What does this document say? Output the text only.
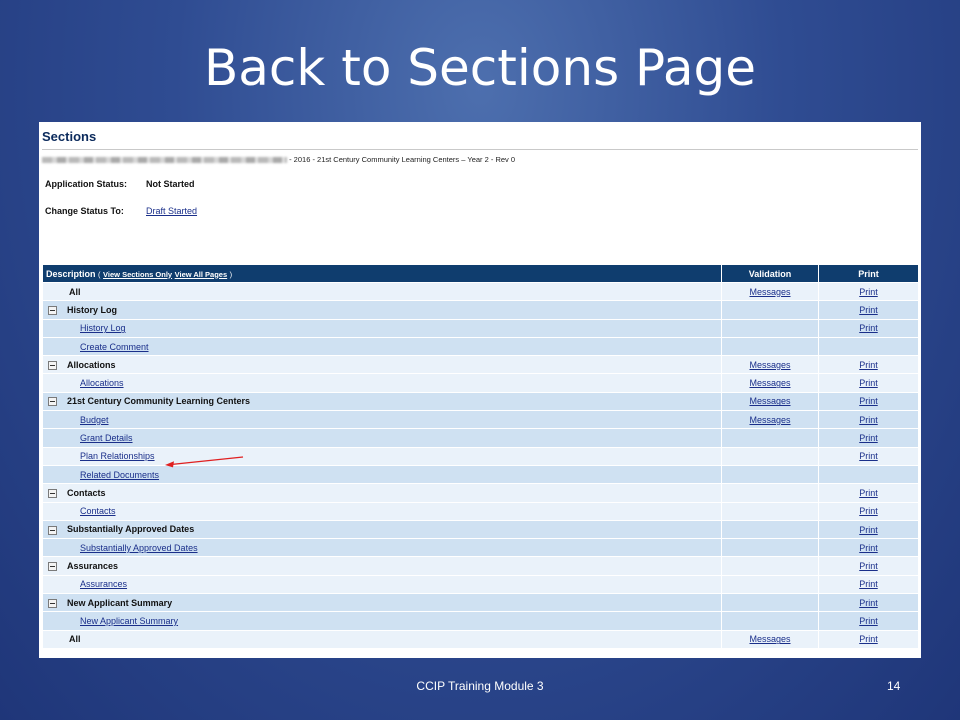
Back to Sections Page
Sections
- 2016 - 21st Century Community Learning Centers – Year 2 - Rev 0
Application Status: Not Started
Change Status To: Draft Started
Description ( View Sections Only View All Pages )	Validation	Print
All	Messages	Print
History Log		Print
History Log		Print
Create Comment		
Allocations	Messages	Print
Allocations	Messages	Print
21st Century Community Learning Centers	Messages	Print
Budget	Messages	Print
Grant Details		Print
Plan Relationships		Print
Related Documents		
Contacts		Print
Contacts		Print
Substantially Approved Dates		Print
Substantially Approved Dates		Print
Assurances		Print
Assurances		Print
New Applicant Summary		Print
New Applicant Summary		Print
All	Messages	Print
CCIP Training Module 3	14
